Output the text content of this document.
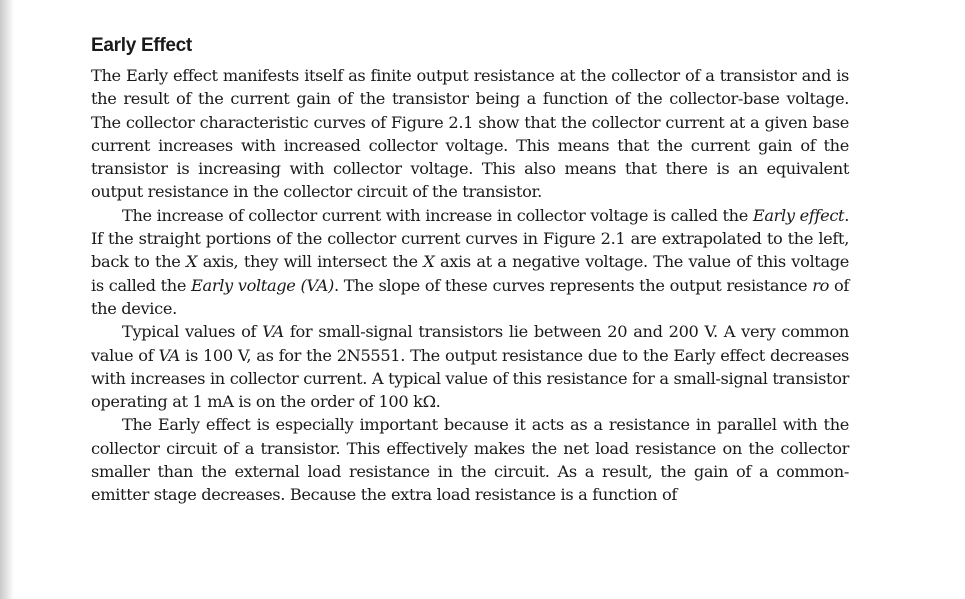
Early Effect

The Early effect manifests itself as finite output resistance at the collector of a transistor and is the result of the current gain of the transistor being a function of the collector-base voltage. The collector characteristic curves of Figure 2.1 show that the collector current at a given base current increases with increased collector voltage. This means that the current gain of the transistor is increasing with collector voltage. This also means that there is an equivalent output resistance in the collector circuit of the transistor.

The increase of collector current with increase in collector voltage is called the Early effect. If the straight portions of the collector current curves in Figure 2.1 are extrapolated to the left, back to the X axis, they will intersect the X axis at a negative voltage. The value of this voltage is called the Early voltage (VA). The slope of these curves represents the output resistance ro of the device.

Typical values of VA for small-signal transistors lie between 20 and 200 V. A very common value of VA is 100 V, as for the 2N5551. The output resistance due to the Early effect decreases with increases in collector current. A typical value of this resistance for a small-signal transistor operating at 1 mA is on the order of 100 kΩ.

The Early effect is especially important because it acts as a resistance in parallel with the collector circuit of a transistor. This effectively makes the net load resistance on the collector smaller than the external load resistance in the circuit. As a result, the gain of a common-emitter stage decreases. Because the extra load resistance is a function of
